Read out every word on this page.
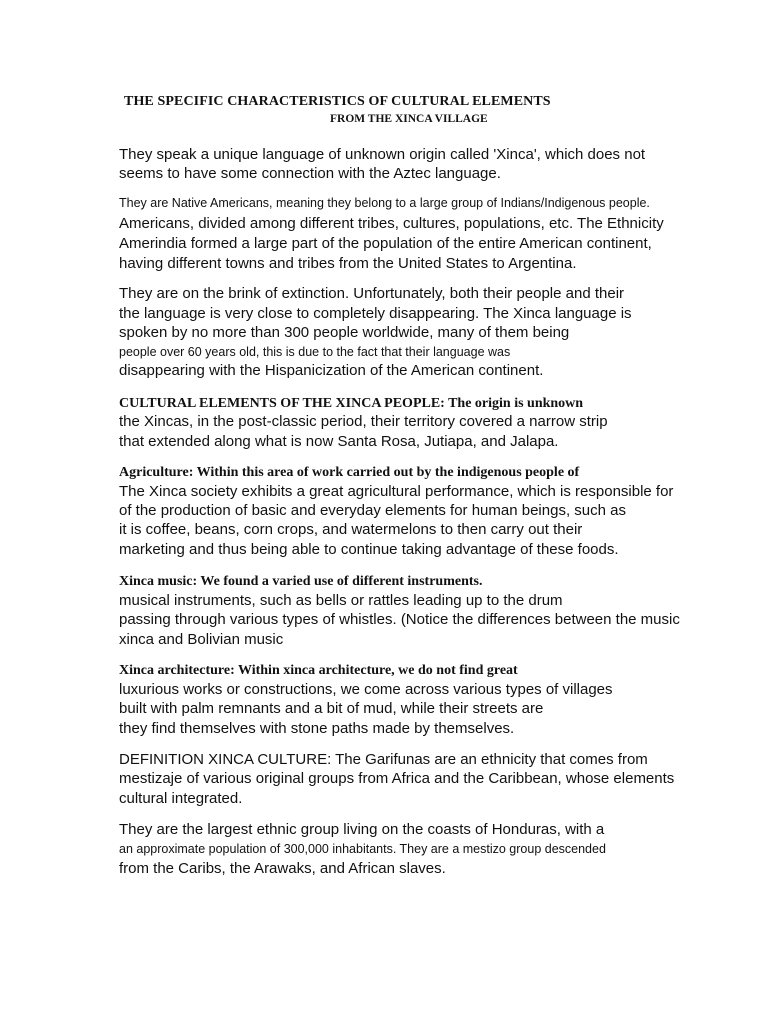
THE SPECIFIC CHARACTERISTICS OF CULTURAL ELEMENTS
FROM THE XINCA VILLAGE

They speak a unique language of unknown origin called 'Xinca', which does not

seems to have some connection with the Aztec language.

They are Native Americans, meaning they belong to a large group of Indians/Indigenous people.

Americans, divided among different tribes, cultures, populations, etc. The Ethnicity

Amerindia formed a large part of the population of the entire American continent,

having different towns and tribes from the United States to Argentina.

They are on the brink of extinction. Unfortunately, both their people and their

the language is very close to completely disappearing. The Xinca language is

spoken by no more than 300 people worldwide, many of them being

people over 60 years old, this is due to the fact that their language was

disappearing with the Hispanicization of the American continent.

CULTURAL ELEMENTS OF THE XINCA PEOPLE: The origin is unknown

the Xincas, in the post-classic period, their territory covered a narrow strip

that extended along what is now Santa Rosa, Jutiapa, and Jalapa.

Agriculture: Within this area of work carried out by the indigenous people of

The Xinca society exhibits a great agricultural performance, which is responsible for

of the production of basic and everyday elements for human beings, such as

it is coffee, beans, corn crops, and watermelons to then carry out their

marketing and thus being able to continue taking advantage of these foods.

Xinca music: We found a varied use of different instruments.

musical instruments, such as bells or rattles leading up to the drum

passing through various types of whistles. (Notice the differences between the music

xinca and Bolivian music

Xinca architecture: Within xinca architecture, we do not find great

luxurious works or constructions, we come across various types of villages

built with palm remnants and a bit of mud, while their streets are

they find themselves with stone paths made by themselves.

DEFINITION XINCA CULTURE: The Garifunas are an ethnicity that comes from

mestizaje of various original groups from Africa and the Caribbean, whose elements

cultural integrated.

They are the largest ethnic group living on the coasts of Honduras, with a

an approximate population of 300,000 inhabitants. They are a mestizo group descended

from the Caribs, the Arawaks, and African slaves.
